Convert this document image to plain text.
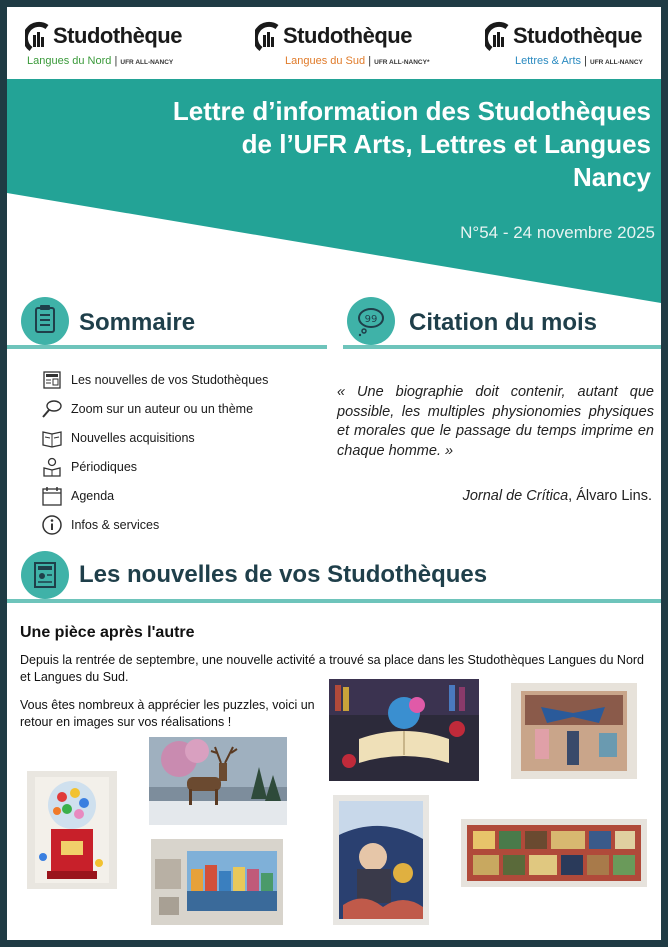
Studothèque
Langues du Nord | UFR ALL-NANCY
Studothèque
Langues du Sud | UFR ALL-NANCY*
Studothèque
Lettres & Arts | UFR ALL-NANCY
Lettre d’information des Studothèques
de l’UFR Arts, Lettres et Langues
Nancy
N°54 - 24 novembre 2025
Sommaire	99 Citation du mois
Les nouvelles de vos Studothèques
Zoom sur un auteur ou un thème
Nouvelles acquisitions
Périodiques
Agenda
Infos & services
« Une biographie doit contenir, autant que possible, les multiples physionomies physiques et morales que le passage du temps imprime en chaque homme. »
Jornal de Crítica, Álvaro Lins.
Les nouvelles de vos Studothèques
Une pièce après l'autre
Depuis la rentrée de septembre, une nouvelle activité a trouvé sa place dans les Studothèques Langues du Nord et Langues du Sud.
Vous êtes nombreux à apprécier les puzzles, voici un retour en images sur vos réalisations !
